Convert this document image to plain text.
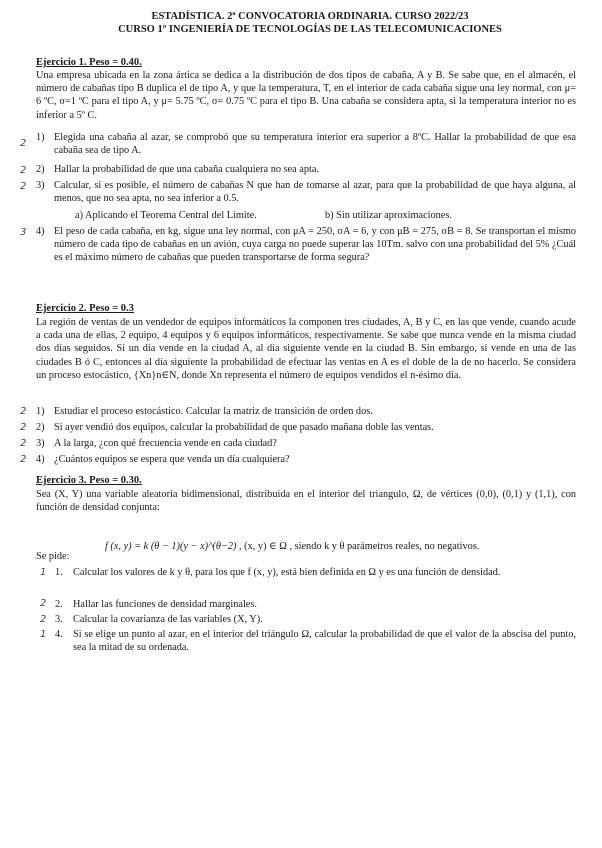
ESTADÍSTICA. 2ª CONVOCATORIA ORDINARIA. CURSO 2022/23
CURSO 1º INGENIERÍA DE TECNOLOGÍAS DE LAS TELECOMUNICACIONES
Ejercicio 1. Peso = 0.40.
Una empresa ubicada en la zona ártica se dedica a la distribución de dos tipos de cabaña, A y B. Se sabe que, en el almacén, el número de cabañas tipo B duplica el de tipo A, y que la temperatura, T, en el interior de cada cabaña sigue una ley normal, con μ= 6 ºC, σ=1 ºC para el tipo A, y μ= 5.75 ºC, σ= 0.75 ºC para el tipo B. Una cabaña se considera apta, si la temperatura interior no es inferior a 5º C.
2
1) Elegida una cabaña al azar, se comprobó que su temperatura interior era superior a 8ºC. Hallar la probabilidad de que esa cabaña sea de tipo A.
2 2) Hallar la probabilidad de que una cabaña cualquiera no sea apta.
2 3) Calcular, si es posible, el número de cabañas N que han de tomarse al azar, para que la probabilidad de que haya alguna, al menos, que no sea apta, no sea inferior a 0.5.
a) Aplicando el Teorema Central del Límite.	b) Sin utilizar aproximaciones.
3 4) El peso de cada cabaña, en kg, sigue una ley normal, con μA = 250, σA = 6, y con μB = 275, σB = 8. Se transportan el mismo número de cada tipo de cabañas en un avión, cuya carga no puede superar las 10Tm. salvo con una probabilidad del 5% ¿Cuál es el máximo número de cabañas que pueden transportarse de forma segura?
Ejercicio 2. Peso = 0.3
La región de ventas de un vendedor de equipos informáticos la componen tres ciudades, A, B y C, en las que vende, cuando acude a cada una de ellas, 2 equipo, 4 equipos y 6 equipos informáticos, respectivamente. Se sabe que nunca vende en la misma ciudad dos días seguidos. Si un día vende en la ciudad A, al día siguiente vende en la ciudad B. Sin embargo, si vende en una de las ciudades B ó C, entonces al día siguiente la probabilidad de efectuar las ventas en A es el doble de la de no hacerlo. Se considera un proceso estocástico, {Xn}n∈N, donde Xn representa el número de equipos vendidos el n-ésimo día.
2 1) Estudiar el proceso estocástico. Calcular la matriz de transición de orden dos.
2 2) Si ayer vendió dos equipos, calcular la probabilidad de que pasado mañana doble las ventas.
2 3) A la larga, ¿con qué frecuencia vende en cada ciudad?
2 4) ¿Cuántos equipos se espera que venda un día cualquiera?
Ejercicio 3. Peso = 0.30.
Sea (X, Y) una variable aleatoria bidimensional, distribuida en el interior del triangulo, Ω, de vértices (0,0), (0,1) y (1,1), con función de densidad conjunta:
f (x, y) = k (θ − 1)(y − x)^(θ−2) , (x, y) ∈ Ω , siendo k y θ parámetros reales, no negativos.
Se pide:
1 1. Calcular los valores de k y θ, para los que f (x, y), está bien definida en Ω y es una función de densidad.
2 2. Hallar las funciones de densidad marginales.
2 3. Calcular la covarianza de las variables (X, Y).
1 4. Si se elige un punto al azar, en el interior del triángulo Ω, calcular la probabilidad de que el valor de la abscisa del punto, sea la mitad de su ordenada.
